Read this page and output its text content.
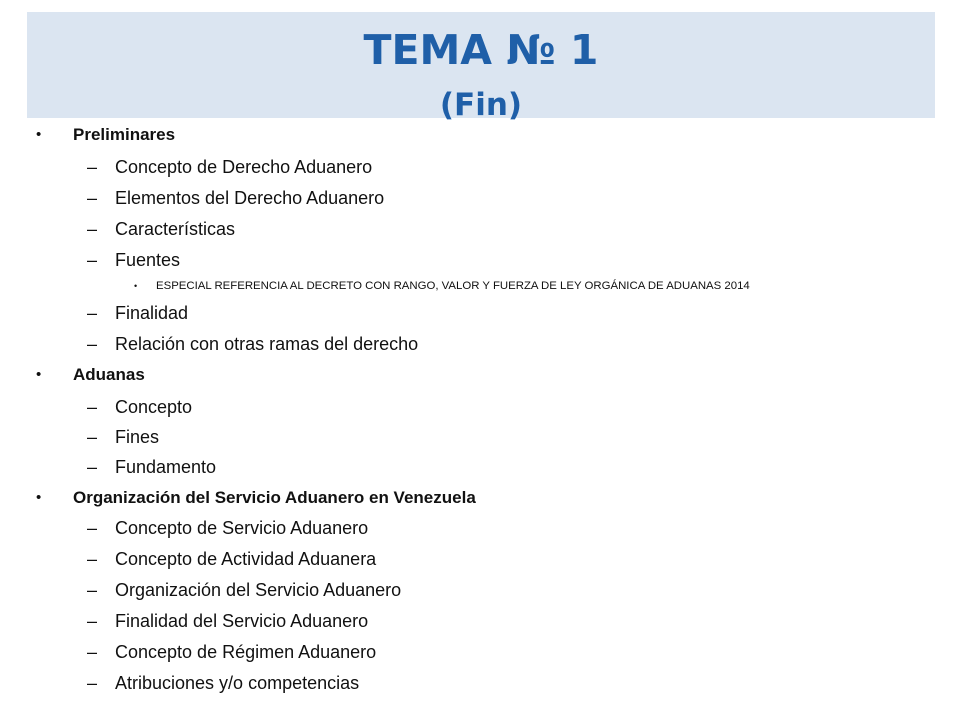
TEMA № 1
(Fin)
• Preliminares
– Concepto de Derecho Aduanero
– Elementos del Derecho Aduanero
– Características
– Fuentes
• ESPECIAL REFERENCIA AL DECRETO CON RANGO, VALOR Y FUERZA DE LEY ORGÁNICA DE ADUANAS 2014
– Finalidad
– Relación con otras ramas del derecho
• Aduanas
– Concepto
– Fines
– Fundamento
• Organización del Servicio Aduanero en Venezuela
– Concepto de Servicio Aduanero
– Concepto de Actividad Aduanera
– Organización del Servicio Aduanero
– Finalidad del Servicio Aduanero
– Concepto de Régimen Aduanero
– Atribuciones y/o competencias
